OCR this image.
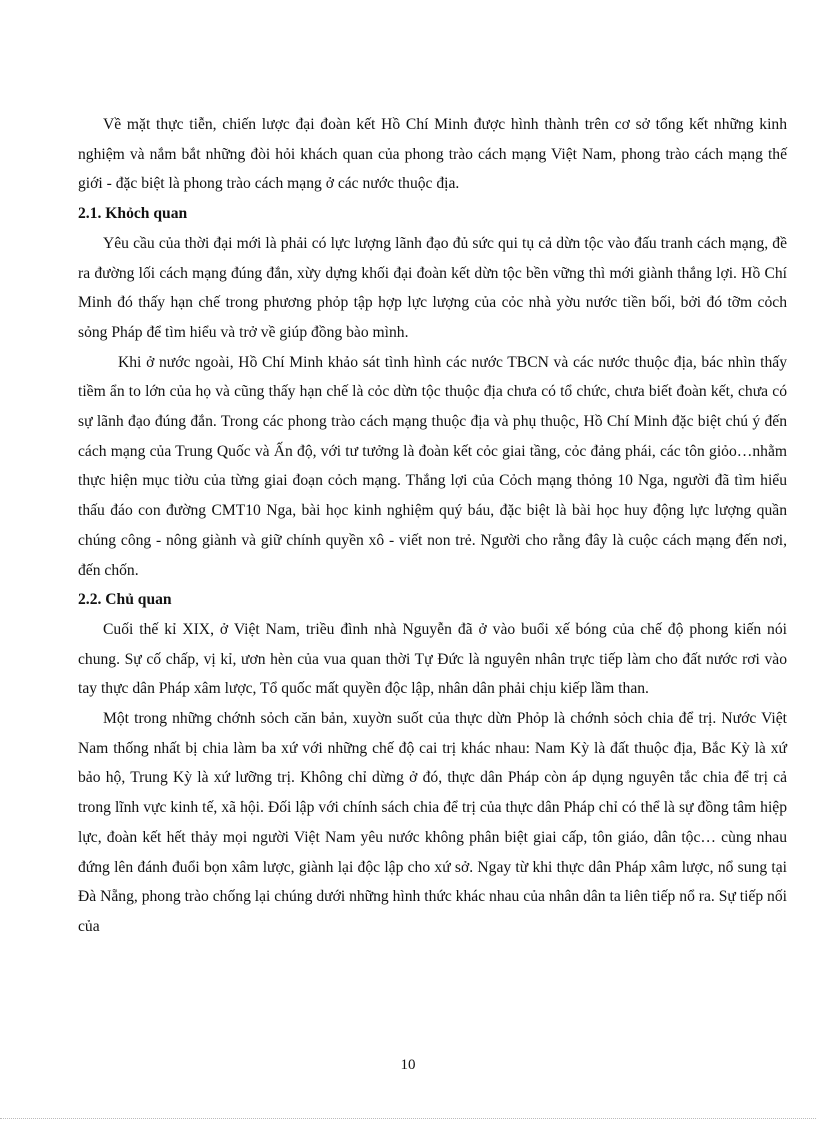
Về mặt thực tiễn, chiến lược đại đoàn kết Hồ Chí Minh được hình thành trên cơ sở tổng kết những kinh nghiệm và nắm bắt những đòi hỏi khách quan của phong trào cách mạng Việt Nam, phong trào cách mạng thế giới - đặc biệt là phong trào cách mạng ở các nước thuộc địa.

2.1. Khỏch quan

Yêu cầu của thời đại mới là phải có lực lượng lãnh đạo đủ sức qui tụ cả dừn tộc vào đấu tranh cách mạng, đề ra đường lối cách mạng đúng đắn, xừy dựng khối đại đoàn kết dừn tộc bền vững thì mới giành thắng lợi. Hồ Chí Minh đó thấy hạn chế trong phương phỏp tập hợp lực lượng của cỏc nhà yờu nước tiền bối, bởi đó tỡm cỏch sỏng Pháp để tìm hiểu và trở về giúp đồng bào mình.

Khi ở nước ngoài, Hồ Chí Minh khảo sát tình hình các nước TBCN và các nước thuộc địa, bác nhìn thấy tiềm ẩn to lớn của họ và cũng thấy hạn chế là cỏc dừn tộc thuộc địa chưa có tổ chức, chưa biết đoàn kết, chưa có sự lãnh đạo đúng đắn. Trong các phong trào cách mạng thuộc địa và phụ thuộc, Hồ Chí Minh đặc biệt chú ý đến cách mạng của Trung Quốc và Ấn độ, với tư tưởng là đoàn kết cỏc giai tầng, cỏc đảng phái, các tôn giỏo…nhằm thực hiện mục tiờu của từng giai đoạn cỏch mạng. Thắng lợi của Cỏch mạng thỏng 10 Nga, người đã tìm hiểu thấu đáo con đường CMT10 Nga, bài học kinh nghiệm quý báu, đặc biệt là bài học huy động lực lượng quần chúng công - nông giành và giữ chính quyền xô - viết non trẻ. Người cho rằng đây là cuộc cách mạng đến nơi, đến chốn.

2.2. Chủ quan

Cuối thế kỉ XIX, ở Việt Nam, triều đình nhà Nguyễn đã ở vào buổi xế bóng của chế độ phong kiến nói chung. Sự cố chấp, vị kỉ, ươn hèn của vua quan thời Tự Đức là nguyên nhân trực tiếp làm cho đất nước rơi vào tay thực dân Pháp xâm lược, Tổ quốc mất quyền độc lập, nhân dân phải chịu kiếp lầm than.

Một trong những chớnh sỏch căn bản, xuyờn suốt của thực dừn Phỏp là chớnh sỏch chia để trị. Nước Việt Nam thống nhất bị chia làm ba xứ với những chế độ cai trị khác nhau: Nam Kỳ là đất thuộc địa, Bắc Kỳ là xứ bảo hộ, Trung Kỳ là xứ lưỡng trị. Không chỉ dừng ở đó, thực dân Pháp còn áp dụng nguyên tắc chia để trị cả trong lĩnh vực kinh tế, xã hội. Đối lập với chính sách chia để trị của thực dân Pháp chỉ có thể là sự đồng tâm hiệp lực, đoàn kết hết thảy mọi người Việt Nam yêu nước không phân biệt giai cấp, tôn giáo, dân tộc… cùng nhau đứng lên đánh đuổi bọn xâm lược, giành lại độc lập cho xứ sở. Ngay từ khi thực dân Pháp xâm lược, nổ sung tại Đà Nẵng, phong trào chống lại chúng dưới những hình thức khác nhau của nhân dân ta liên tiếp nổ ra. Sự tiếp nối của

10
